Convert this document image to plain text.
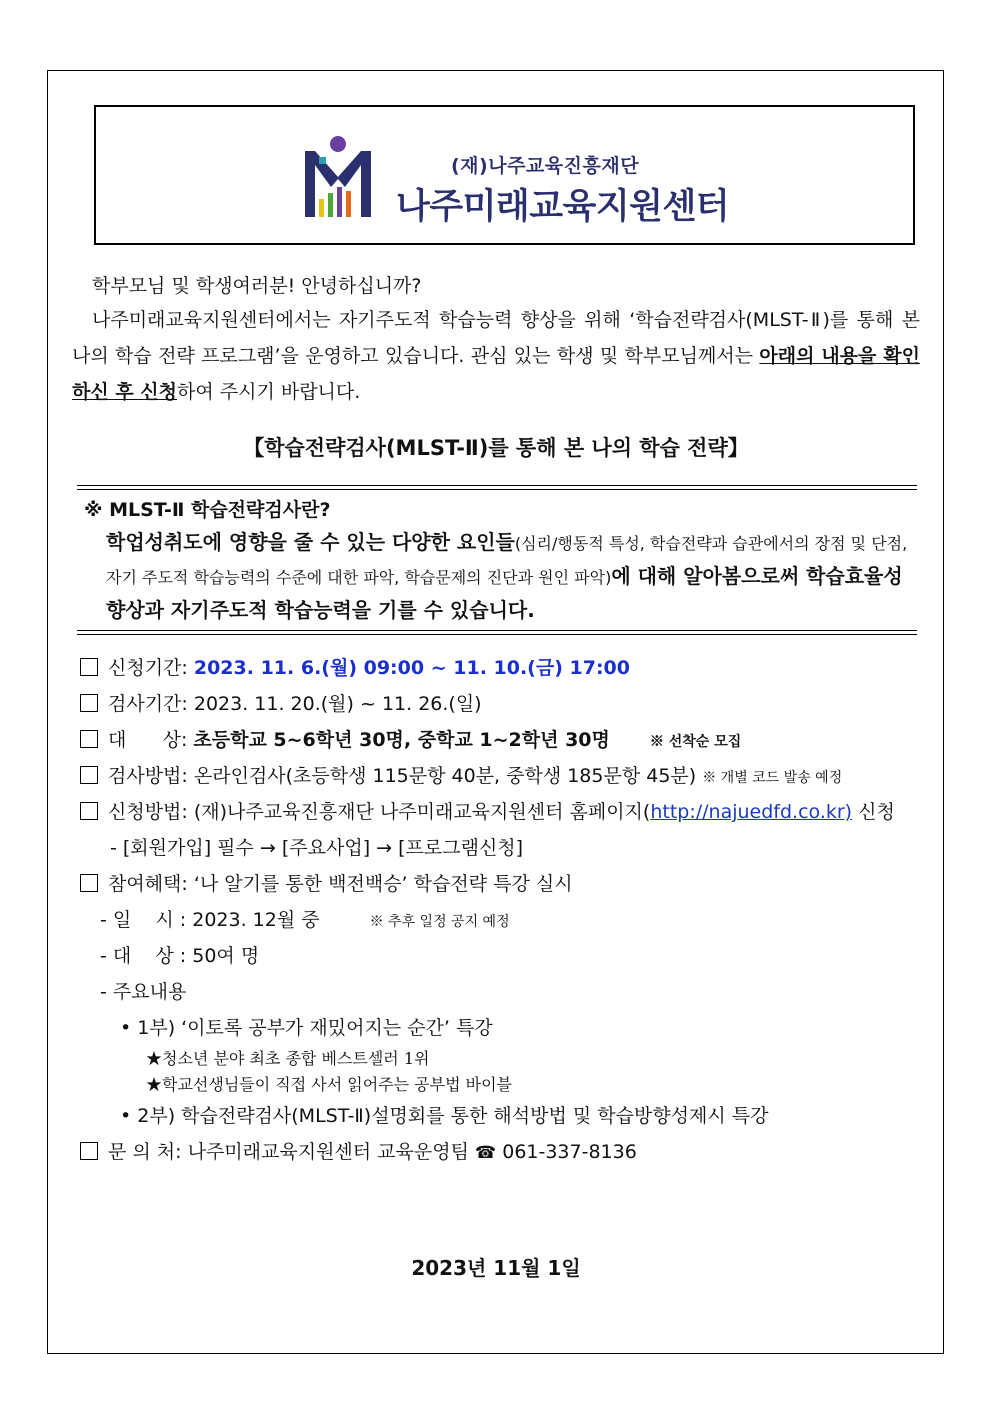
(재)나주교육진흥재단
나주미래교육지원센터
학부모님 및 학생여러분! 안녕하십니까?
나주미래교육지원센터에서는 자기주도적 학습능력 향상을 위해 ‘학습전략검사(MLST-Ⅱ)를 통해 본 나의 학습 전략 프로그램’을 운영하고 있습니다. 관심 있는 학생 및 학부모님께서는 아래의 내용을 확인하신 후 신청하여 주시기 바랍니다.
【학습전략검사(MLST-Ⅱ)를 통해 본 나의 학습 전략】
※ MLST-Ⅱ 학습전략검사란?
학업성취도에 영향을 줄 수 있는 다양한 요인들(심리/행동적 특성, 학습전략과 습관에서의 장점 및 단점, 자기 주도적 학습능력의 수준에 대한 파악, 학습문제의 진단과 원인 파악)에 대해 알아봄으로써 학습효율성 향상과 자기주도적 학습능력을 기를 수 있습니다.
신청기간: 2023. 11. 6.(월) 09:00 ~ 11. 10.(금) 17:00
검사기간: 2023. 11. 20.(월) ~ 11. 26.(일)
대      상: 초등학교 5~6학년 30명, 중학교 1~2학년 30명	※ 선착순 모집
검사방법: 온라인검사(초등학생 115문항 40분, 중학생 185문항 45분) ※ 개별 코드 발송 예정
신청방법: (재)나주교육진흥재단 나주미래교육지원센터 홈페이지(http://najuedfd.co.kr) 신청
- [회원가입] 필수 → [주요사업] → [프로그램신청]
참여혜택: ‘나 알기를 통한 백전백승’ 학습전략 특강 실시
- 일    시 : 2023. 12월 중	※ 추후 일정 공지 예정
- 대    상 : 50여 명
- 주요내용
• 1부) ‘이토록 공부가 재밌어지는 순간’ 특강
★청소년 분야 최초 종합 베스트셀러 1위
★학교선생님들이 직접 사서 읽어주는 공부법 바이블
• 2부) 학습전략검사(MLST-Ⅱ)설명회를 통한 해석방법 및 학습방향성제시 특강
문 의 처: 나주미래교육지원센터 교육운영팀 ☎ 061-337-8136
2023년 11월 1일
